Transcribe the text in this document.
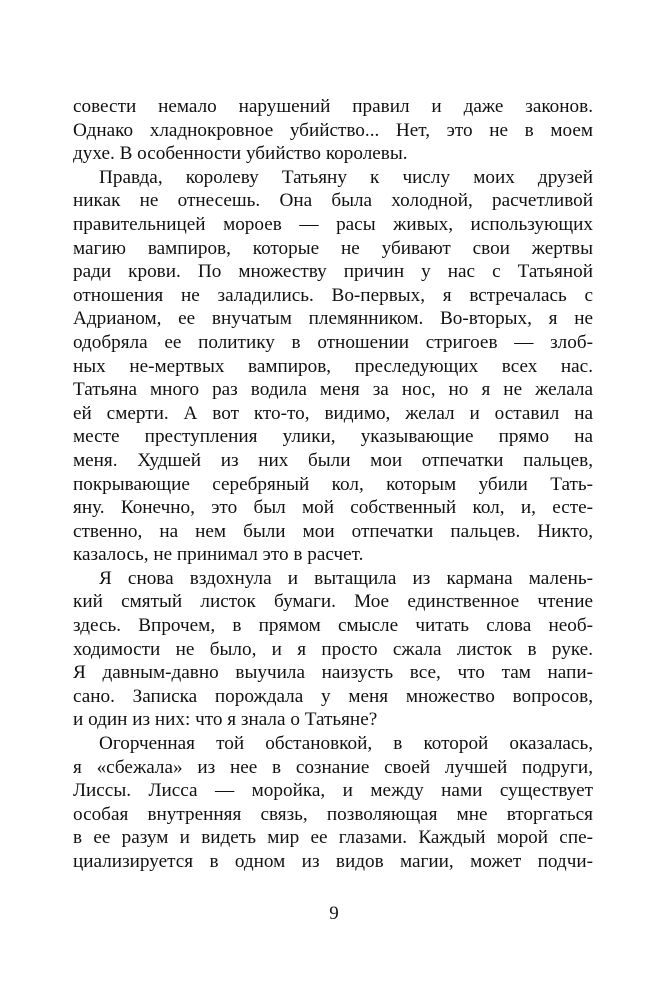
совести немало нарушений правил и даже законов.
Однако хладнокровное убийство... Нет, это не в моем
духе. В особенности убийство королевы.
Правда, королеву Татьяну к числу моих друзей
никак не отнесешь. Она была холодной, расчетливой
правительницей мороев — расы живых, использующих
магию вампиров, которые не убивают свои жертвы
ради крови. По множеству причин у нас с Татьяной
отношения не заладились. Во-первых, я встречалась с
Адрианом, ее внучатым племянником. Во-вторых, я не
одобряла ее политику в отношении стригоев — злоб-
ных не-мертвых вампиров, преследующих всех нас.
Татьяна много раз водила меня за нос, но я не желала
ей смерти. А вот кто-то, видимо, желал и оставил на
месте преступления улики, указывающие прямо на
меня. Худшей из них были мои отпечатки пальцев,
покрывающие серебряный кол, которым убили Тать-
яну. Конечно, это был мой собственный кол, и, есте-
ственно, на нем были мои отпечатки пальцев. Никто,
казалось, не принимал это в расчет.
Я снова вздохнула и вытащила из кармана малень-
кий смятый листок бумаги. Мое единственное чтение
здесь. Впрочем, в прямом смысле читать слова необ-
ходимости не было, и я просто сжала листок в руке.
Я давным-давно выучила наизусть все, что там напи-
сано. Записка порождала у меня множество вопросов,
и один из них: что я знала о Татьяне?
Огорченная той обстановкой, в которой оказалась,
я «сбежала» из нее в сознание своей лучшей подруги,
Лиссы. Лисса — моройка, и между нами существует
особая внутренняя связь, позволяющая мне вторгаться
в ее разум и видеть мир ее глазами. Каждый морой спе-
циализируется в одном из видов магии, может подчи-
9
